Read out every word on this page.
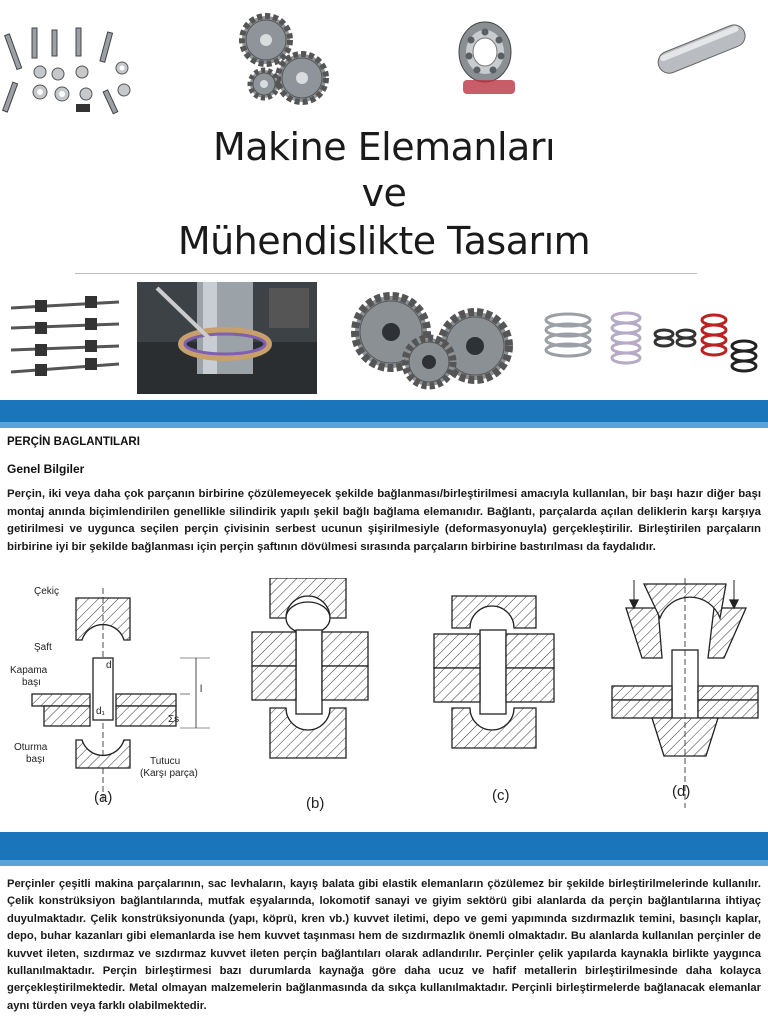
Makine Elemanları
ve
Mühendislikte Tasarım
PERÇİN BAGLANTILARI
Genel Bilgiler
Perçin, iki veya daha çok parçanın birbirine çözülemeyecek şekilde bağlanması/birleştirilmesi amacıyla kullanılan, bir başı hazır diğer başı montaj anında biçimlendirilen genellikle silindirik yapılı şekil bağlı bağlama elemanıdır. Bağlantı, parçalarda açılan deliklerin karşı karşıya getirilmesi ve uygunca seçilen perçin çivisinin serbest ucunun şişirilmesiyle (deformasyonuyla) gerçekleştirilir. Birleştirilen parçaların birbirine iyi bir şekilde bağlanması için perçin şaftının dövülmesi sırasında parçaların birbirine bastırılması da faydalıdır.
Çekiç
Şaft
Kapama
başı
Oturma
başı	Tutucu
(Karşı parça)
d
d₁
l
Σs
(a)	(b)	(c)	(d)
Perçinler çeşitli makina parçalarının, sac levhaların, kayış balata gibi elastik elemanların çözülemez bir şekilde birleştirilmelerinde kullanılır. Çelik konstrüksiyon bağlantılarında, mutfak eşyalarında, lokomotif sanayi ve giyim sektörü gibi alanlarda da perçin bağlantılarına ihtiyaç duyulmaktadır. Çelik konstrüksiyonunda (yapı, köprü, kren vb.) kuvvet iletimi, depo ve gemi yapımında sızdırmazlık temini, basınçlı kaplar, depo, buhar kazanları gibi elemanlarda ise hem kuvvet taşınması hem de sızdırmazlık önemli olmaktadır. Bu alanlarda kullanılan perçinler de kuvvet ileten, sızdırmaz ve sızdırmaz kuvvet ileten perçin bağlantıları olarak adlandırılır. Perçinler çelik yapılarda kaynakla birlikte yaygınca kullanılmaktadır. Perçin birleştirmesi bazı durumlarda kaynağa göre daha ucuz ve hafif metallerin birleştirilmesinde daha kolayca gerçekleştirilmektedir. Metal olmayan malzemelerin bağlanmasında da sıkça kullanılmaktadır. Perçinli birleştirmelerde bağlanacak elemanlar aynı türden veya farklı olabilmektedir.
